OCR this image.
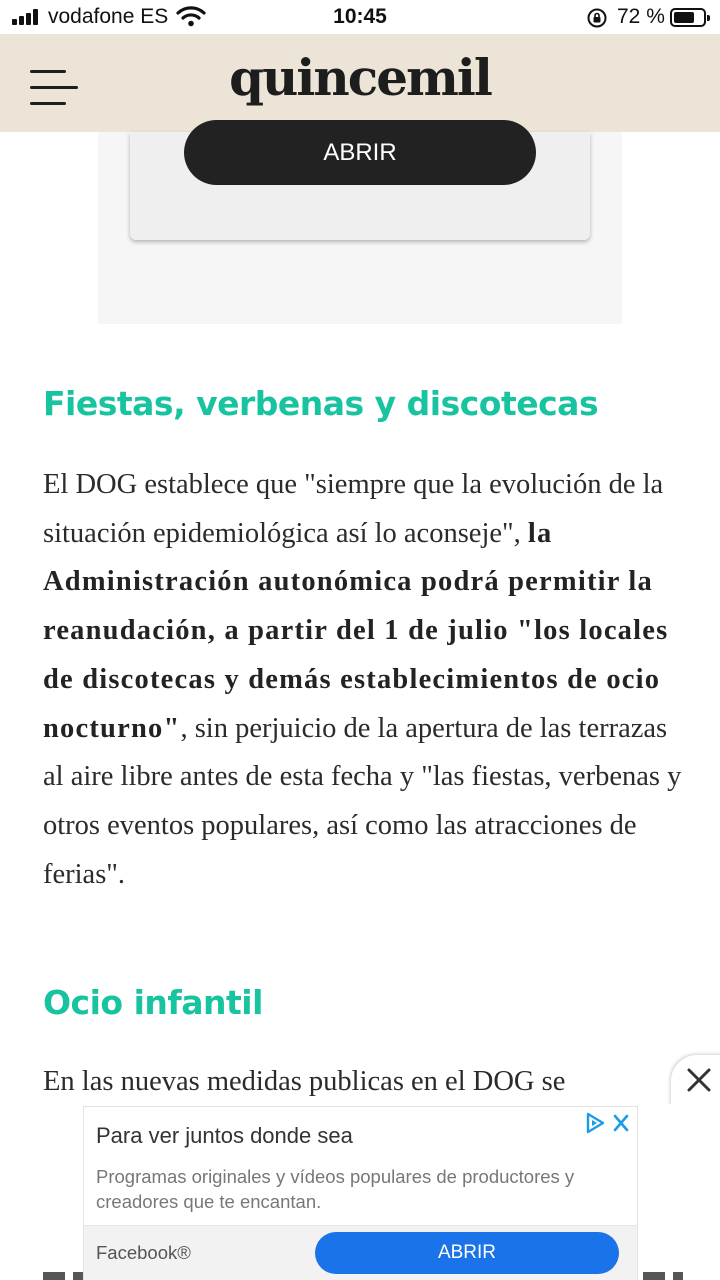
vodafone ES	10:45	72 %
quincemil
ABRIR
Fiestas, verbenas y discotecas

El DOG establece que "siempre que la evolución de la situación epidemiológica así lo aconseje", la Administración autonómica podrá permitir la reanudación, a partir del 1 de julio "los locales de discotecas y demás establecimientos de ocio nocturno", sin perjuicio de la apertura de las terrazas al aire libre antes de esta fecha y "las fiestas, verbenas y otros eventos populares, así como las atracciones de ferias".

Ocio infantil

En las nuevas medidas publicas en el DOG se

Para ver juntos donde sea
Programas originales y vídeos populares de productores y creadores que te encantan.
Facebook®	ABRIR
